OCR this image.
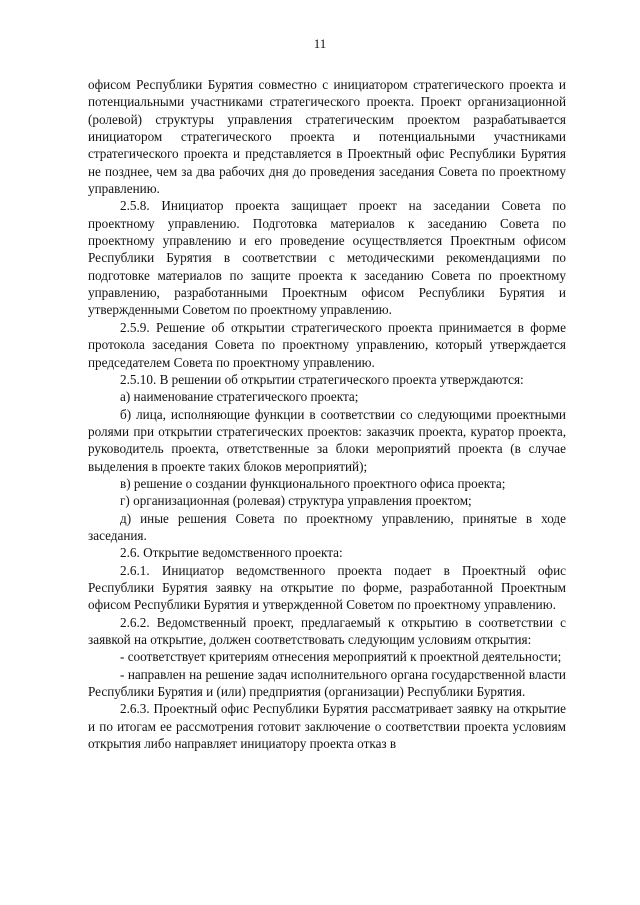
11

офисом Республики Бурятия совместно с инициатором стратегического проекта и потенциальными участниками стратегического проекта. Проект организационной (ролевой) структуры управления стратегическим проектом разрабатывается инициатором стратегического проекта и потенциальными участниками стратегического проекта и представляется в Проектный офис Республики Бурятия не позднее, чем за два рабочих дня до проведения заседания Совета по проектному управлению.

2.5.8. Инициатор проекта защищает проект на заседании Совета по проектному управлению. Подготовка материалов к заседанию Совета по проектному управлению и его проведение осуществляется Проектным офисом Республики Бурятия в соответствии с методическими рекомендациями по подготовке материалов по защите проекта к заседанию Совета по проектному управлению, разработанными Проектным офисом Республики Бурятия и утвержденными Советом по проектному управлению.

2.5.9. Решение об открытии стратегического проекта принимается в форме протокола заседания Совета по проектному управлению, который утверждается председателем Совета по проектному управлению.

2.5.10. В решении об открытии стратегического проекта утверждаются:

а) наименование стратегического проекта;

б) лица, исполняющие функции в соответствии со следующими проектными ролями при открытии стратегических проектов: заказчик проекта, куратор проекта, руководитель проекта, ответственные за блоки мероприятий проекта (в случае выделения в проекте таких блоков мероприятий);

в) решение о создании функционального проектного офиса проекта;

г) организационная (ролевая) структура управления проектом;

д) иные решения Совета по проектному управлению, принятые в ходе заседания.

2.6. Открытие ведомственного проекта:

2.6.1. Инициатор ведомственного проекта подает в Проектный офис Республики Бурятия заявку на открытие по форме, разработанной Проектным офисом Республики Бурятия и утвержденной Советом по проектному управлению.

2.6.2. Ведомственный проект, предлагаемый к открытию в соответствии с заявкой на открытие, должен соответствовать следующим условиям открытия:

- соответствует критериям отнесения мероприятий к проектной деятельности;

- направлен на решение задач исполнительного органа государственной власти Республики Бурятия и (или) предприятия (организации) Республики Бурятия.

2.6.3. Проектный офис Республики Бурятия рассматривает заявку на открытие и по итогам ее рассмотрения готовит заключение о соответствии проекта условиям открытия либо направляет инициатору проекта отказ в
